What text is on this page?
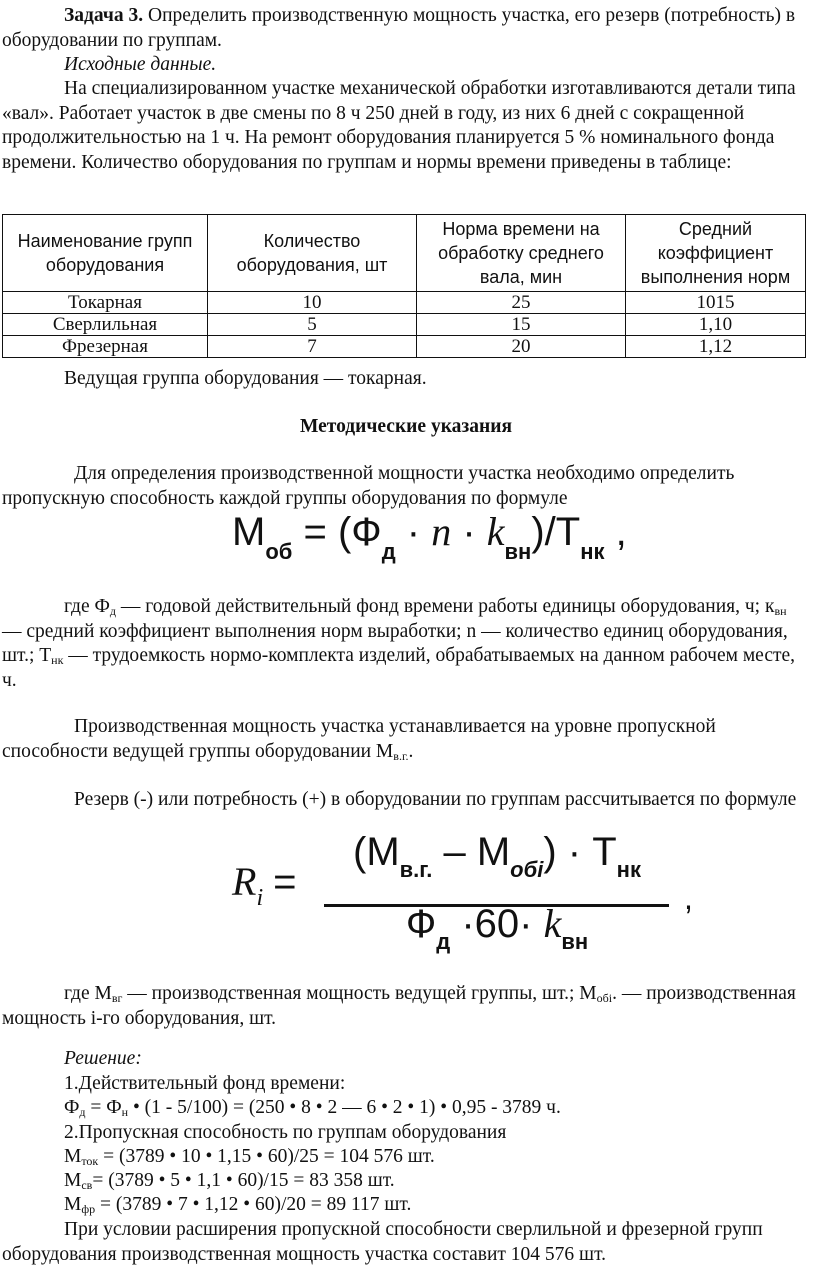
Задача 3. Определить производственную мощность участка, его резерв (потребность) в оборудовании по группам.

Исходные данные.

На специализированном участке механической обработки изготавливаются детали типа «вал». Работает участок в две смены по 8 ч 250 дней в году, из них 6 дней с сокращенной продолжительностью на 1 ч. На ремонт оборудования планируется 5 % номинального фонда времени. Количество оборудования по группам и нормы времени приведены в таблице:

Наименование групп оборудования	Количество оборудования, шт	Норма времени на обработку среднего вала, мин	Средний коэффициент выполнения норм
Токарная	10	25	1015
Сверлильная	5	15	1,10
Фрезерная	7	20	1,12

Ведущая группа оборудования — токарная.

Методические указания

Для определения производственной мощности участка необходимо определить пропускную способность каждой группы оборудования по формуле

$М_{об} = (Ф_д \cdot n \cdot k_{вн})/Т_{нк}$ ,

где $Ф_д$ — годовой действительный фонд времени работы единицы оборудования, ч; $к_{вн}$ — средний коэффициент выполнения норм выработки; n — количество единиц оборудования, шт.; $Т_{нк}$ — трудоемкость нормо-комплекта изделий, обрабатываемых на данном рабочем месте, ч.

Производственная мощность участка устанавливается на уровне пропускной способности ведущей группы оборудовании $М_{в.г.}$.

Резерв (-) или потребность (+) в оборудовании по группам рассчитывается по формуле

$R_i$ =
$(М_{в.г.} - М_{обi}) \cdot Т_{нк}$
$Ф_д \cdot 60\cdot k_{вн}$
,

где $М_{вг}$ — производственная мощность ведущей группы, шт.; $М_{обi}$. — производственная мощность i-го оборудования, шт.

Решение:

1.Действительный фонд времени:

$Ф_д = Ф_н$ • (1 - 5/100) = (250 • 8 • 2 — 6 • 2 • 1) • 0,95 - 3789 ч.

2.Пропускная способность по группам оборудования

$М_{ток} = (3789$ • 10 • 1,15 • 60)/25 = 104 576 шт.

$М_{св}= (3789$ • 5 • 1,1 • 60)/15 = 83 358 шт.

$М_{фр} = (3789$ • 7 • 1,12 • 60)/20 = 89 117 шт.

При условии расширения пропускной способности сверлильной и фрезерной групп оборудования производственная мощность участка составит 104 576 шт.
